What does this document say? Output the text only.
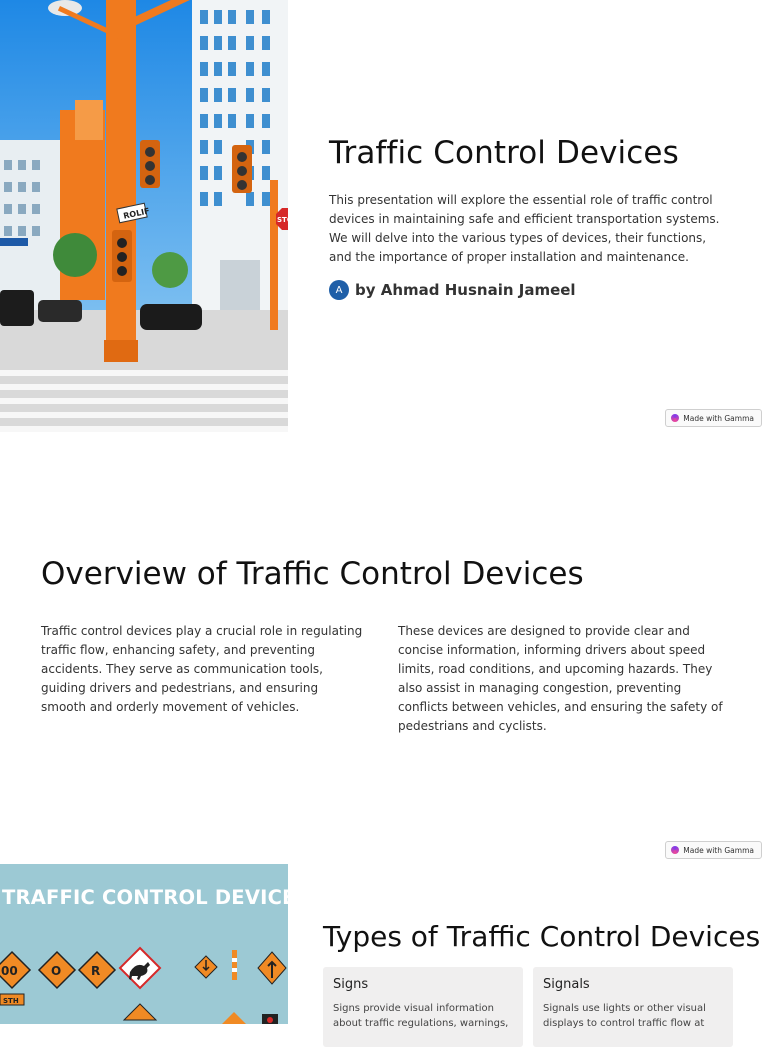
ROLIF	STO
Traffic Control Devices

This presentation will explore the essential role of traffic control devices in maintaining safe and efficient transportation systems. We will delve into the various types of devices, their functions, and the importance of proper installation and maintenance.

A by Ahmad Husnain Jameel
Made with Gamma
Overview of Traffic Control Devices

Traffic control devices play a crucial role in regulating traffic flow, enhancing safety, and preventing accidents. They serve as communication tools, guiding drivers and pedestrians, and ensuring smooth and orderly movement of vehicles.

These devices are designed to provide clear and concise information, informing drivers about speed limits, road conditions, and upcoming hazards. They also assist in managing congestion, preventing conflicts between vehicles, and ensuring the safety of pedestrians and cyclists.

Made with Gamma
TRAFFIC CONTROL DEVICES
00
STH
O R
Types of Traffic Control Devices
Signs
Signs provide visual information about traffic regulations, warnings,
Signals
Signals use lights or other visual displays to control traffic flow at
